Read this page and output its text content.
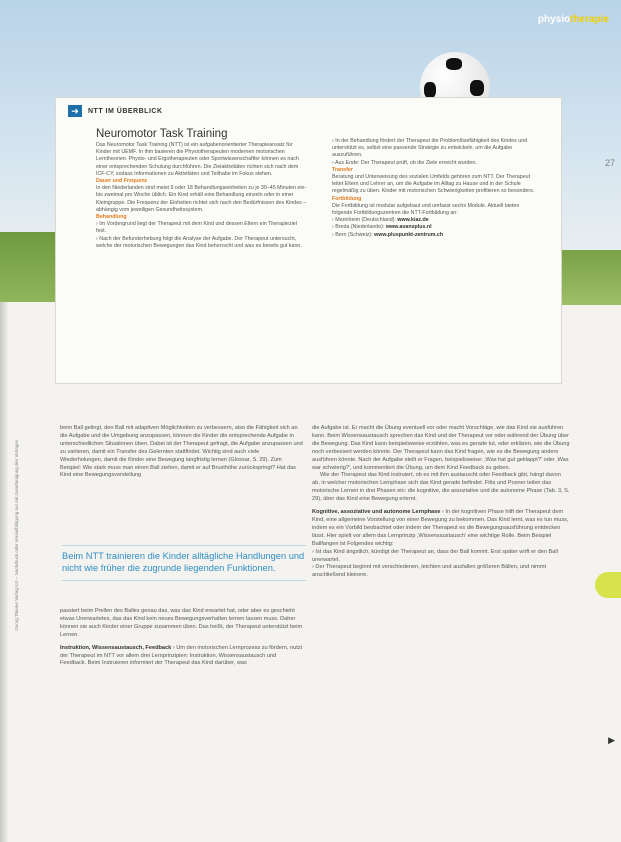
physiotherapie
27
➜	NTT IM ÜBERBLICK
Neuromotor Task Training

Das Neuromotor Task Training (NTT) ist ein aufgabenorientierter Therapieansatz für Kinder mit UEMF. In ihm basieren die Physiotherapeuten modernen motorischen Lerntheorien. Physio- und Ergotherapeuten oder Sportwissenschaftler können es nach einer entsprechenden Schulung durchführen. Die Zielaktivitäten richten sich nach dem ICF-CY, sodass Informationen zu Aktivitäten und Teilhabe im Fokus stehen.

Dauer und Frequenz

In den Niederlanden sind meist 9 oder 18 Behandlungseinheiten zu je 30–45 Minuten ein- bis zweimal pro Woche üblich. Ein Kind erhält eine Behandlung einzeln oder in einer Kleingruppe. Die Frequenz der Einheiten richtet sich nach den Bedürfnissen des Kindes – abhängig vom jeweiligen Gesundheitssystem.

Behandlung

› Im Vordergrund liegt der Therapeut mit dem Kind und dessen Eltern ein Therapieziel fest.

› Nach der Befunderhebung folgt die Analyse der Aufgabe. Der Therapeut untersucht, welche der motorischen Bewegungen das Kind beherrscht und was es bereits gut kann.

› In der Behandlung fördert der Therapeut die Problemlösefähigkeit des Kindes und unterstützt es, selbst eine passende Strategie zu entwickeln, um die Aufgabe auszuführen.

› Aus Ende: Der Therapeut prüft, ob die Ziele erreicht wurden.

Transfer

Beratung und Unterweisung des sozialen Umfelds gehören zum NTT. Der Therapeut leitet Eltern und Lehrer an, um die Aufgabe im Alltag zu Hause und in der Schule regelmäßig zu üben. Kinder mit motorischen Schwierigkeiten profitieren so besonders.

Fortbildung

Die Fortbildung ist modular aufgebaut und umfasst sechs Module. Aktuell bieten folgende Fortbildungszentren die NTT-Fortbildung an:

› Mannheim (Deutschland): www.kiaz.de

› Breda (Niederlande): www.avansplus.nl

› Bern (Schweiz): www.pluspunkt-zentrum.ch

Georg Thieme Verlag KG – Nachdruck oder Vervielfältigung nur mit Genehmigung des Verlages

beim Ball gelingt, den Ball mit adaptiven Möglichkeiten zu verbessern, also die Fähigkeit sich an die Aufgabe und die Umgebung anzupassen, können die Kinder die entsprechende Aufgabe in unterschiedlichen Situationen üben. Dabei ist der Therapeut gefragt, die Aufgabe anzupassen und zu variieren, damit ein Transfer des Gelernten stattfindet. Wichtig sind auch viele Wiederholungen, damit die Kinder eine Bewegung langfristig lernen (Glossar, S. 29). Zum Beispiel: Wie stark muss man einen Ball ziehen, damit er auf Brusthöhe zurückspringt? Hat das Kind eine Bewegungsvorstellung

Beim NTT trainieren die Kinder alltägliche Handlungen und nicht wie früher die zugrunde liegenden Funktionen.

passiert beim Prellen des Balles genau das, was das Kind erwartet hat, oder aber es geschieht etwas Unerwartetes, das das Kind kein neues Bewegungsverhalten lernen lassen muss. Daher können sie auch Kinder einer Gruppe zusammen üben. Das heißt, der Therapeut unterstützt beim Lernen.

Instruktion, Wissensaustausch, Feedback › Um den motorischen Lernprozess zu fördern, nutzt der Therapeut im NTT vor allem drei Lernprinzipien: Instruktion, Wissensaustausch und Feedback. Beim Instruieren informiert der Therapeut das Kind darüber, was

die Aufgabe ist. Er macht die Übung eventuell vor oder macht Vorschläge, wie das Kind sie ausführen kann. Beim Wissensaustausch sprechen das Kind und der Therapeut vor oder während der Übung über die Bewegung. Das Kind kann beispielsweise erzählen, was es gerade tut, oder erklären, wie die Übung noch verbessert werden könnte. Der Therapeut kann das Kind fragen, wie es die Bewegung anders ausführen könnte. Nach der Aufgabe stellt er Fragen, beispielsweise: ‚Was hat gut geklappt?' oder ‚Was war schwierig?', und kommentiert die Übung, um dem Kind Feedback zu geben.

Wie der Therapeut das Kind instruiert, ob es mit ihm austauscht oder Feedback gibt, hängt davon ab, in welcher motorischen Lernphase sich das Kind gerade befindet. Fitts und Posner teilen das motorische Lernen in drei Phasen ein: die kognitive, die assoziative und die autonome Phase (Tab. 3, S. 29), über das Kind eine Bewegung erlernt.

Kognitive, assoziative und autonome Lernphase › In der kognitiven Phase hilft der Therapeut dem Kind, eine allgemeine Vorstellung von einer Bewegung zu bekommen. Das Kind lernt, was es tun muss, indem es ein Vorbild beobachtet oder indem der Therapeut es die Bewegungsausführung entdecken lässt. Hier spielt vor allem das Lernprinzip ‚Wissensaustausch' eine wichtige Rolle. Beim Beispiel Ballfangen ist Folgendes wichtig:

› Ist das Kind ängstlich, kündigt der Therapeut an, dass der Ball kommt. Erst später wirft er den Ball unerwartet.

› Der Therapeut beginnt mit verschiedenen, leichten und ausfallen größeren Bällen, und nimmt anschließend kleinere.

▶
